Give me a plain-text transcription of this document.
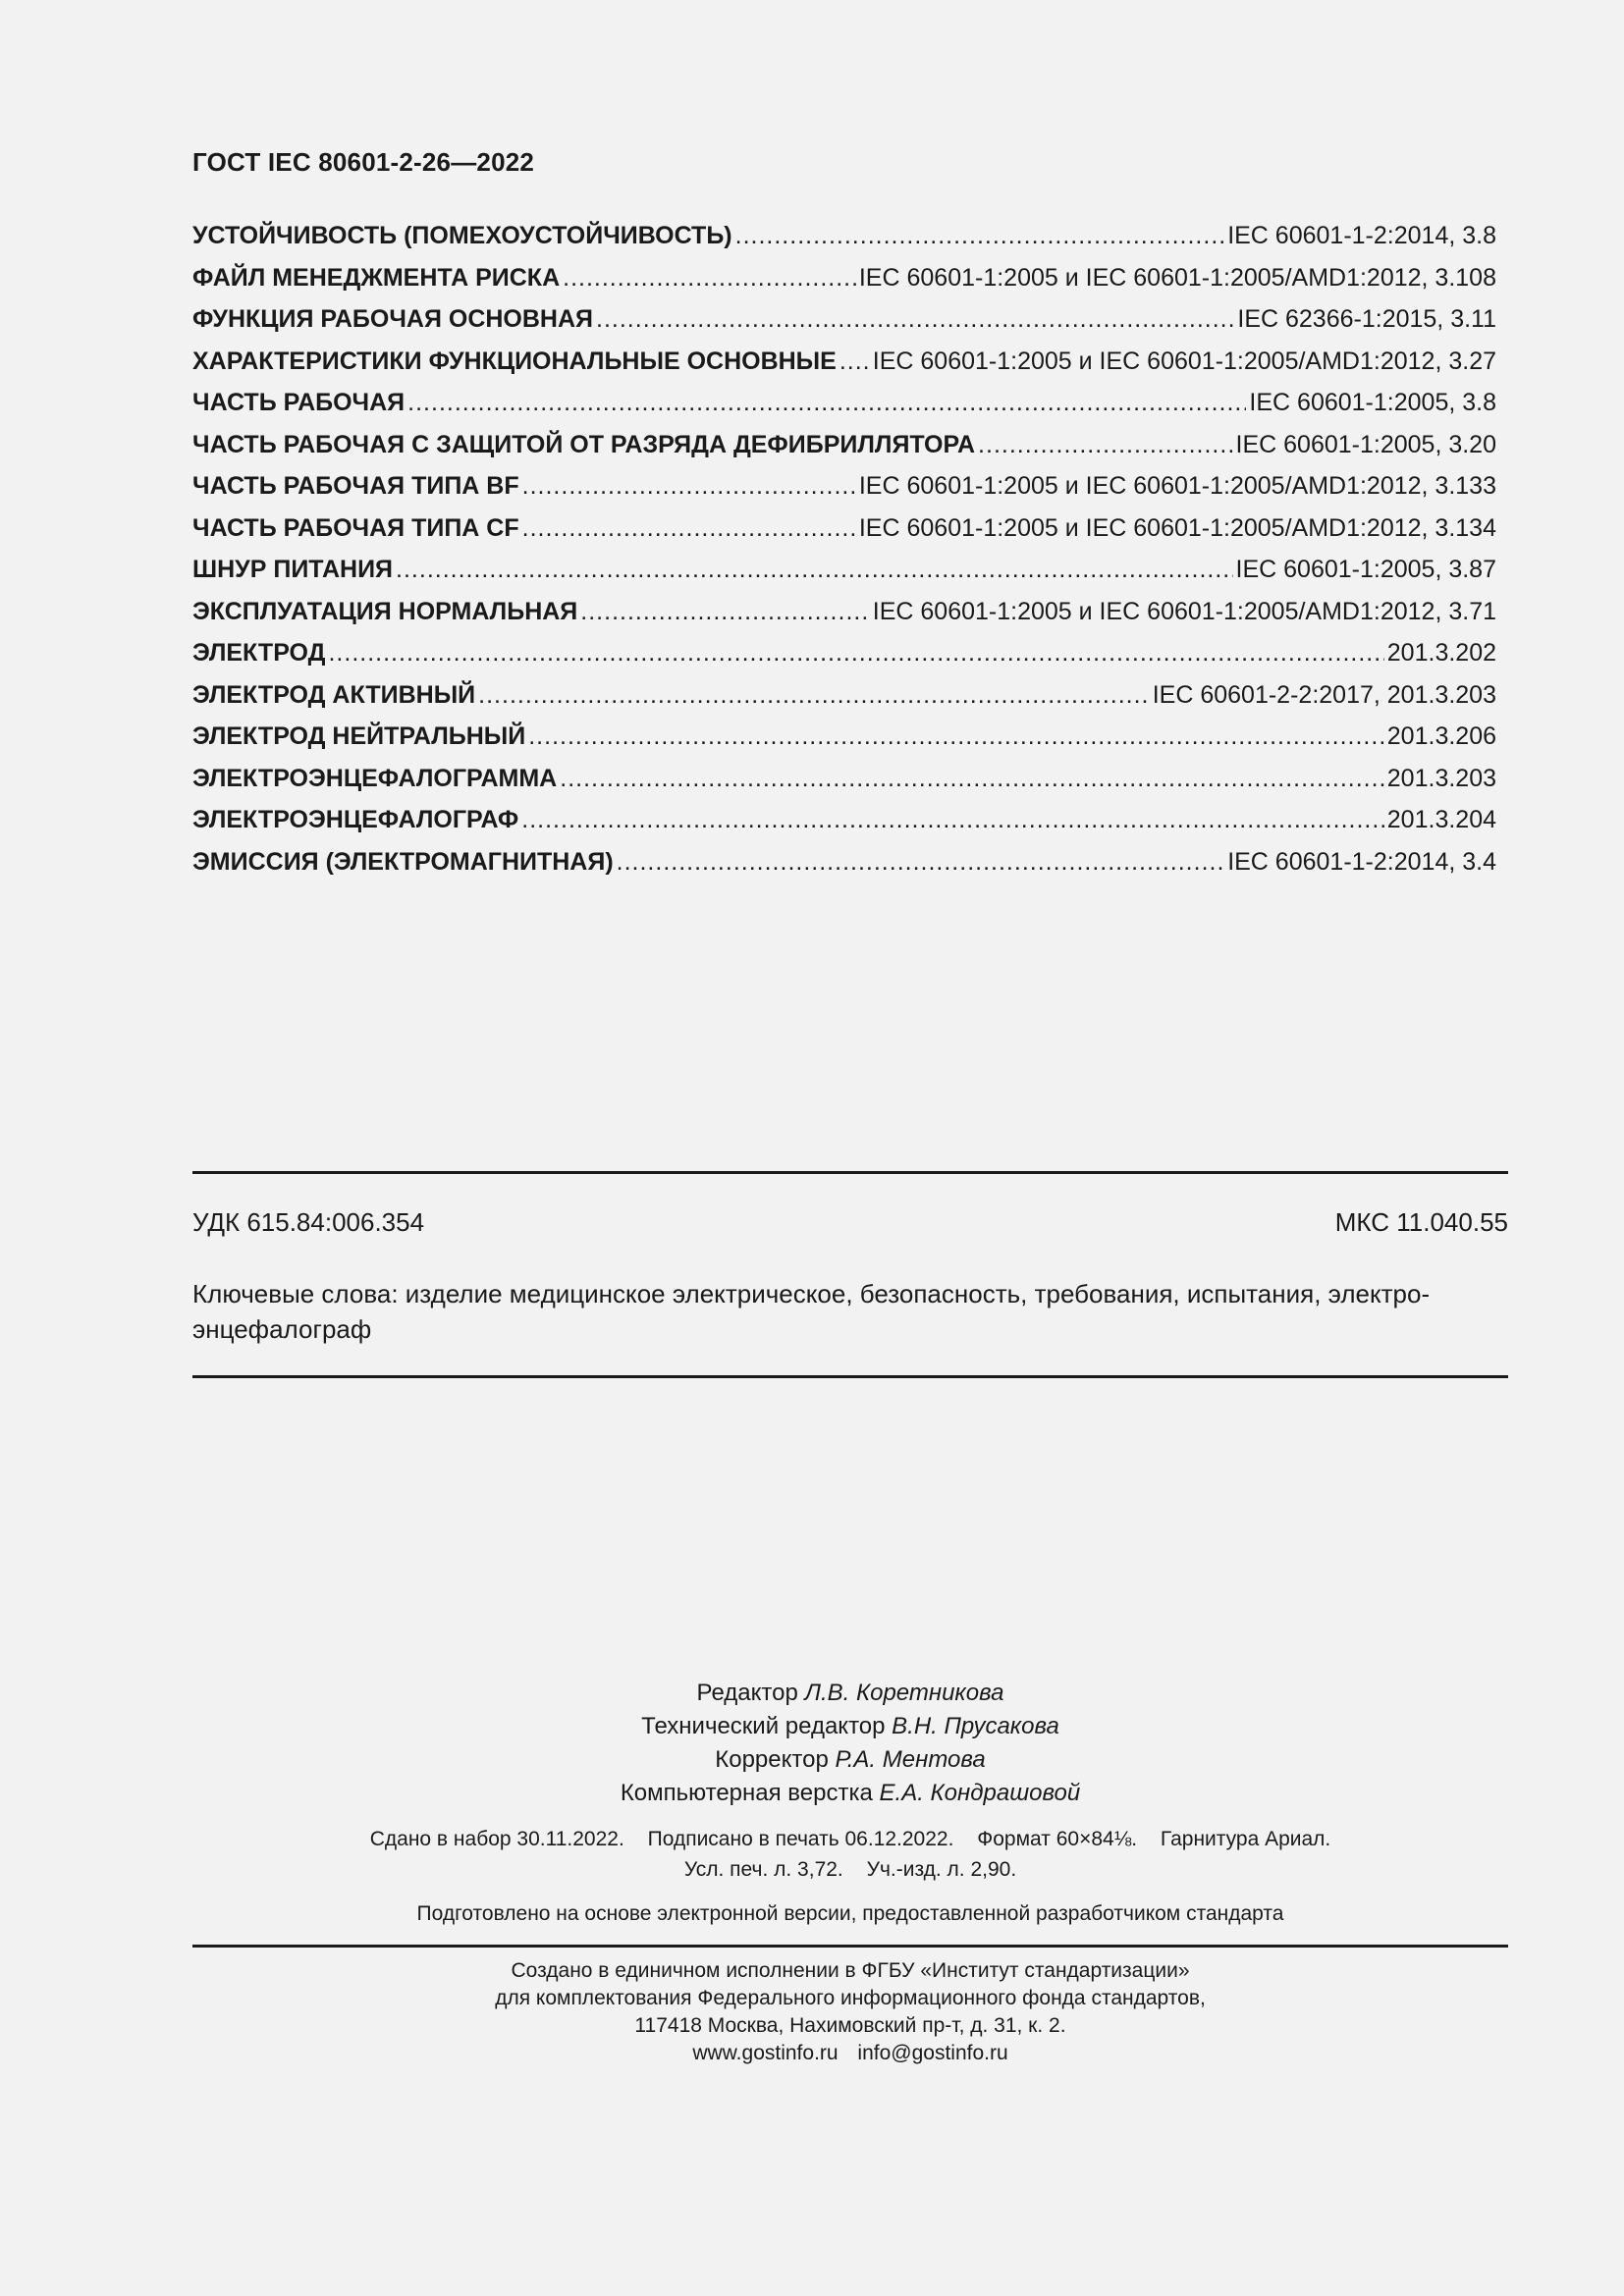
ГОСТ IEC 80601-2-26—2022
УСТОЙЧИВОСТЬ (ПОМЕХОУСТОЙЧИВОСТЬ) .....	IEC 60601-1-2:2014, 3.8
ФАЙЛ МЕНЕДЖМЕНТА РИСКА .....	IEC 60601-1:2005 и IEC 60601-1:2005/AMD1:2012, 3.108
ФУНКЦИЯ РАБОЧАЯ ОСНОВНАЯ .....	IEC 62366-1:2015, 3.11
ХАРАКТЕРИСТИКИ ФУНКЦИОНАЛЬНЫЕ ОСНОВНЫЕ ..... IEC 60601-1:2005 и IEC 60601-1:2005/AMD1:2012, 3.27
ЧАСТЬ РАБОЧАЯ .....	IEC 60601-1:2005, 3.8
ЧАСТЬ РАБОЧАЯ С ЗАЩИТОЙ ОТ РАЗРЯДА ДЕФИБРИЛЛЯТОРА .....	IEC 60601-1:2005, 3.20
ЧАСТЬ РАБОЧАЯ ТИПА BF .....	IEC 60601-1:2005 и IEC 60601-1:2005/AMD1:2012, 3.133
ЧАСТЬ РАБОЧАЯ ТИПА CF .....	IEC 60601-1:2005 и IEC 60601-1:2005/AMD1:2012, 3.134
ШНУР ПИТАНИЯ .....	IEC 60601-1:2005, 3.87
ЭКСПЛУАТАЦИЯ НОРМАЛЬНАЯ .....	IEC 60601-1:2005 и IEC 60601-1:2005/AMD1:2012, 3.71
ЭЛЕКТРОД .....	201.3.202
ЭЛЕКТРОД АКТИВНЫЙ .....	IEC 60601-2-2:2017, 201.3.203
ЭЛЕКТРОД НЕЙТРАЛЬНЫЙ .....	201.3.206
ЭЛЕКТРОЭНЦЕФАЛОГРАММА .....	201.3.203
ЭЛЕКТРОЭНЦЕФАЛОГРАФ .....	201.3.204
ЭМИССИЯ (ЭЛЕКТРОМАГНИТНАЯ) .....	IEC 60601-1-2:2014, 3.4
УДК 615.84:006.354	МКС 11.040.55
Ключевые слова: изделие медицинское электрическое, безопасность, требования, испытания, электро-энцефалограф
Редактор Л.В. Коретникова
Технический редактор В.Н. Прусакова
Корректор Р.А. Ментова
Компьютерная верстка Е.А. Кондрашовой
Сдано в набор 30.11.2022. Подписано в печать 06.12.2022. Формат 60×84⅛. Гарнитура Ариал.
Усл. печ. л. 3,72. Уч.-изд. л. 2,90.
Подготовлено на основе электронной версии, предоставленной разработчиком стандарта
Создано в единичном исполнении в ФГБУ «Институт стандартизации»
для комплектования Федерального информационного фонда стандартов,
117418 Москва, Нахимовский пр-т, д. 31, к. 2.
www.gostinfo.ru info@gostinfo.ru
